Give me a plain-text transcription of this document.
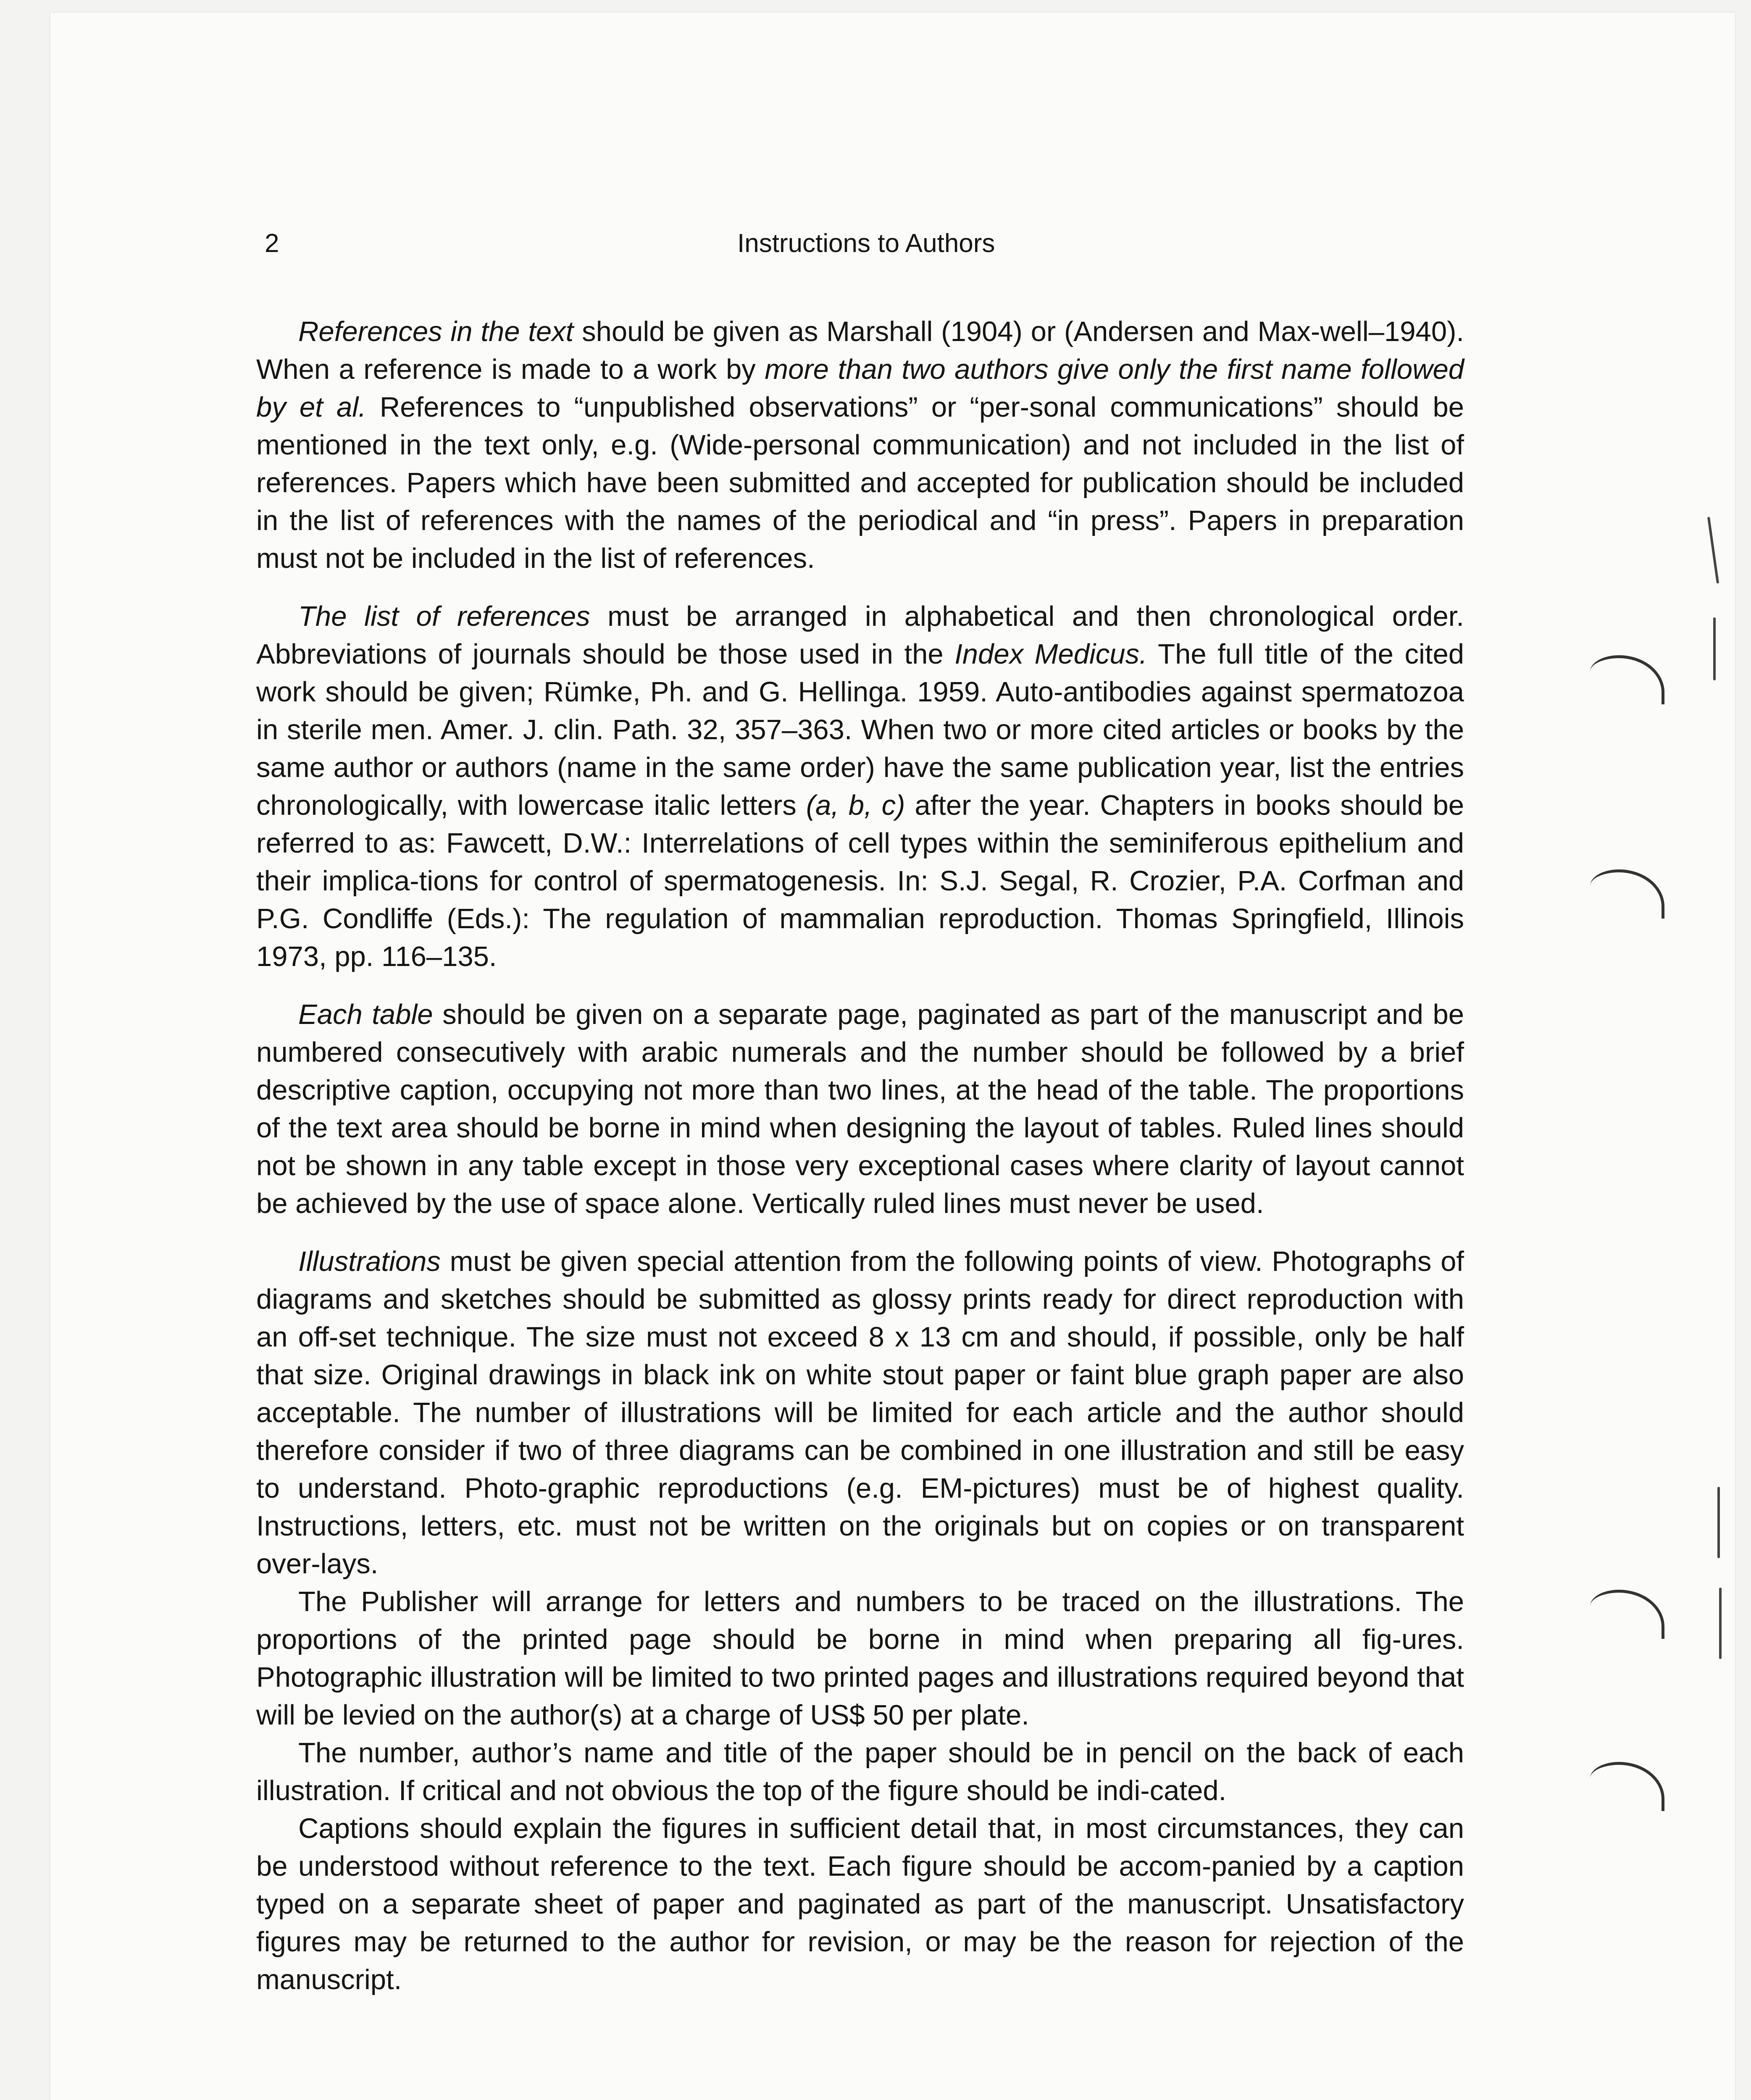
2	Instructions to Authors

References in the text should be given as Marshall (1904) or (Andersen and Max-well–1940). When a reference is made to a work by more than two authors give only the first name followed by et al. References to “unpublished observations” or “per-sonal communications” should be mentioned in the text only, e.g. (Wide-personal communication) and not included in the list of references. Papers which have been submitted and accepted for publication should be included in the list of references with the names of the periodical and “in press”. Papers in preparation must not be included in the list of references.

The list of references must be arranged in alphabetical and then chronological order. Abbreviations of journals should be those used in the Index Medicus. The full title of the cited work should be given; Rümke, Ph. and G. Hellinga. 1959. Auto-antibodies against spermatozoa in sterile men. Amer. J. clin. Path. 32, 357–363. When two or more cited articles or books by the same author or authors (name in the same order) have the same publication year, list the entries chronologically, with lowercase italic letters (a, b, c) after the year. Chapters in books should be referred to as: Fawcett, D.W.: Interrelations of cell types within the seminiferous epithelium and their implica-tions for control of spermatogenesis. In: S.J. Segal, R. Crozier, P.A. Corfman and P.G. Condliffe (Eds.): The regulation of mammalian reproduction. Thomas Springfield, Illinois 1973, pp. 116–135.

Each table should be given on a separate page, paginated as part of the manuscript and be numbered consecutively with arabic numerals and the number should be followed by a brief descriptive caption, occupying not more than two lines, at the head of the table. The proportions of the text area should be borne in mind when designing the layout of tables. Ruled lines should not be shown in any table except in those very exceptional cases where clarity of layout cannot be achieved by the use of space alone. Vertically ruled lines must never be used.

Illustrations must be given special attention from the following points of view. Photographs of diagrams and sketches should be submitted as glossy prints ready for direct reproduction with an off-set technique. The size must not exceed 8 x 13 cm and should, if possible, only be half that size. Original drawings in black ink on white stout paper or faint blue graph paper are also acceptable. The number of illustrations will be limited for each article and the author should therefore consider if two of three diagrams can be combined in one illustration and still be easy to understand. Photo-graphic reproductions (e.g. EM-pictures) must be of highest quality. Instructions, letters, etc. must not be written on the originals but on copies or on transparent over-lays.

The Publisher will arrange for letters and numbers to be traced on the illustrations. The proportions of the printed page should be borne in mind when preparing all fig-ures. Photographic illustration will be limited to two printed pages and illustrations required beyond that will be levied on the author(s) at a charge of US$ 50 per plate.

The number, author’s name and title of the paper should be in pencil on the back of each illustration. If critical and not obvious the top of the figure should be indi-cated.

Captions should explain the figures in sufficient detail that, in most circumstances, they can be understood without reference to the text. Each figure should be accom-panied by a caption typed on a separate sheet of paper and paginated as part of the manuscript. Unsatisfactory figures may be returned to the author for revision, or may be the reason for rejection of the manuscript.
